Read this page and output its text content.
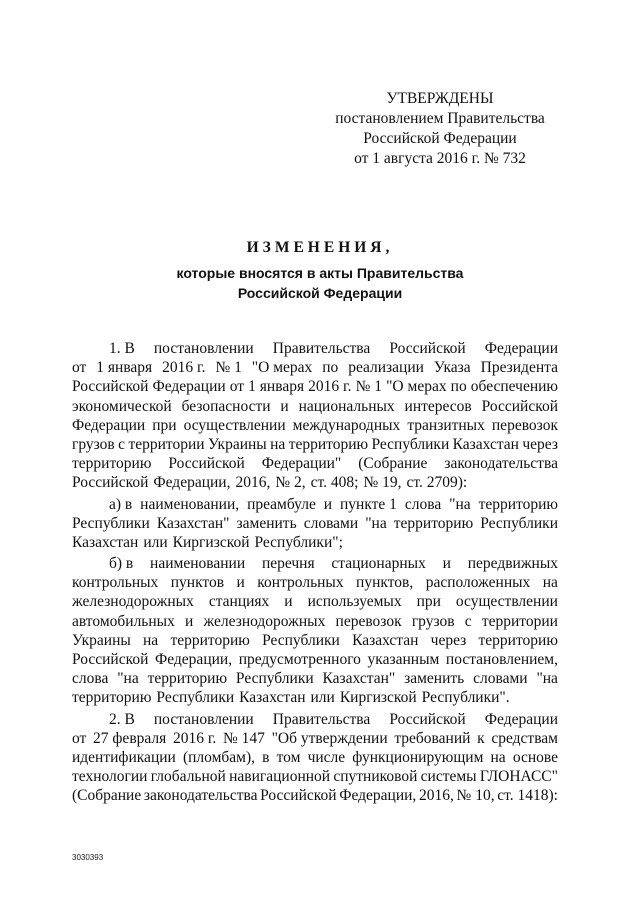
УТВЕРЖДЕНЫ
постановлением Правительства
Российской Федерации
от 1 августа 2016 г. № 732
ИЗМЕНЕНИЯ,
которые вносятся в акты Правительства
Российской Федерации
1. В постановлении Правительства Российской Федерации
от 1 января 2016 г. № 1 "О мерах по реализации Указа Президента
Российской Федерации от 1 января 2016 г. № 1 "О мерах по обеспечению
экономической безопасности и национальных интересов Российской
Федерации при осуществлении международных транзитных перевозок
грузов с территории Украины на территорию Республики Казахстан через
территорию Российской Федерации" (Собрание законодательства
Российской Федерации, 2016, № 2, ст. 408; № 19, ст. 2709):
а) в наименовании, преамбуле и пункте 1 слова "на территорию
Республики Казахстан" заменить словами "на территорию Республики
Казахстан или Киргизской Республики";
б) в наименовании перечня стационарных и передвижных
контрольных пунктов и контрольных пунктов, расположенных на
железнодорожных станциях и используемых при осуществлении
автомобильных и железнодорожных перевозок грузов с территории
Украины на территорию Республики Казахстан через территорию
Российской Федерации, предусмотренного указанным постановлением,
слова "на территорию Республики Казахстан" заменить словами "на
территорию Республики Казахстан или Киргизской Республики".
2. В постановлении Правительства Российской Федерации
от 27 февраля 2016 г. № 147 "Об утверждении требований к средствам
идентификации (пломбам), в том числе функционирующим на основе
технологии глобальной навигационной спутниковой системы ГЛОНАСС"
(Собрание законодательства Российской Федерации, 2016, № 10, ст. 1418):
3030393
